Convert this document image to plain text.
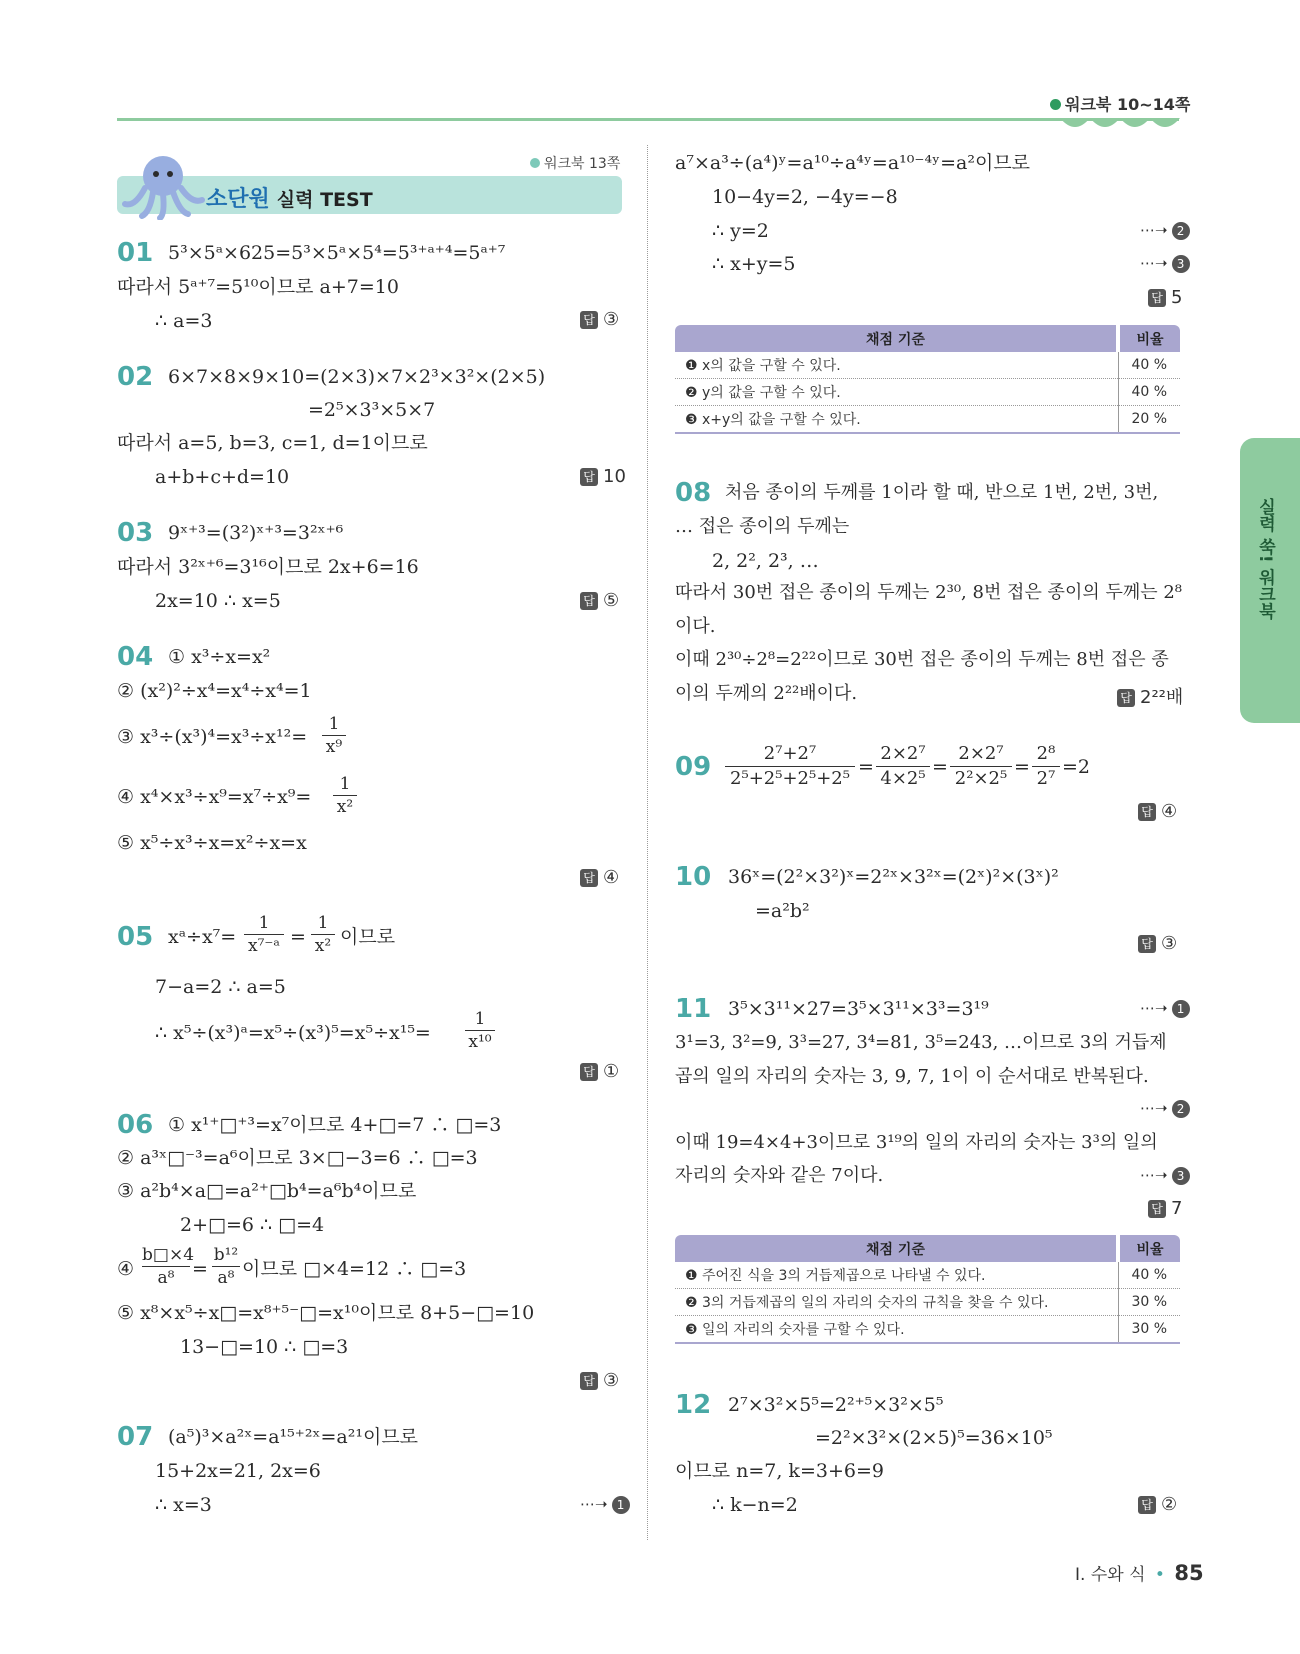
워크북 10~14쪽
소단원 실력 TEST
워크북 13쪽
01 5³×5ᵃ×625=5³×5ᵃ×5⁴=5³⁺ᵃ⁺⁴=5ᵃ⁺⁷
따라서 5ᵃ⁺⁷=5¹⁰이므로 a+7=10
∴ a=3	답 ③
02 6×7×8×9×10=(2×3)×7×2³×3²×(2×5)
=2⁵×3³×5×7
따라서 a=5, b=3, c=1, d=1이므로
a+b+c+d=10	답 10
03 9ˣ⁺³=(3²)ˣ⁺³=3²ˣ⁺⁶
따라서 3²ˣ⁺⁶=3¹⁶이므로 2x+6=16
2x=10 ∴ x=5	답 ⑤
04 ① x³÷x=x²
② (x²)²÷x⁴=x⁴÷x⁴=1
③ x³÷(x³)⁴=x³÷x¹²=
1
x⁹
④ x⁴×x³÷x⁹=x⁷÷x⁹=
1
x²
⑤ x⁵÷x³÷x=x²÷x=x
답 ④
05 xᵃ÷x⁷=
1
x⁷⁻ᵃ =
1
x² 이므로
7−a=2 ∴ a=5
∴ x⁵÷(x³)ᵃ=x⁵÷(x³)⁵=x⁵÷x¹⁵=
1
x¹⁰
답 ①
06 ① x¹⁺□⁺³=x⁷이므로 4+□=7 ∴ □=3
② a³ˣ□⁻³=a⁶이므로 3×□−3=6 ∴ □=3
③ a²b⁴×a□=a²⁺□b⁴=a⁶b⁴이므로
2+□=6 ∴ □=4
④
b□×4
a⁸ =
b¹²
a⁸ 이므로 □×4=12 ∴ □=3
⑤ x⁸×x⁵÷x□=x⁸⁺⁵⁻□=x¹⁰이므로 8+5−□=10
13−□=10 ∴ □=3
답 ③
07 (a⁵)³×a²ˣ=a¹⁵⁺²ˣ=a²¹이므로
15+2x=21, 2x=6
∴ x=3	⋯➝ 1
a⁷×a³÷(a⁴)ʸ=a¹⁰÷a⁴ʸ=a¹⁰⁻⁴ʸ=a²이므로
10−4y=2, −4y=−8
∴ y=2	⋯➝ 2
∴ x+y=5	⋯➝ 3
답 5
채점 기준	비율
❶ x의 값을 구할 수 있다.	40 %
❷ y의 값을 구할 수 있다.	40 %
❸ x+y의 값을 구할 수 있다.	20 %
08 처음 종이의 두께를 1이라 할 때, 반으로 1번, 2번, 3번,
… 접은 종이의 두께는
2, 2², 2³, …
따라서 30번 접은 종이의 두께는 2³⁰, 8번 접은 종이의 두께는 2⁸
이다.
이때 2³⁰÷2⁸=2²²이므로 30번 접은 종이의 두께는 8번 접은 종
이의 두께의 2²²배이다.	답 2²²배
09	2⁷+2⁷
2⁵+2⁵+2⁵+2⁵
=
2×2⁷
4×2⁵
=
2×2⁷
2²×2⁵
=
2⁸
2⁷
=2
답 ④
10 36ˣ=(2²×3²)ˣ=2²ˣ×3²ˣ=(2ˣ)²×(3ˣ)²
=a²b²
답 ③
11 3⁵×3¹¹×27=3⁵×3¹¹×3³=3¹⁹	⋯➝ 1
3¹=3, 3²=9, 3³=27, 3⁴=81, 3⁵=243, …이므로 3의 거듭제
곱의 일의 자리의 숫자는 3, 9, 7, 1이 이 순서대로 반복된다.
⋯➝ 2
이때 19=4×4+3이므로 3¹⁹의 일의 자리의 숫자는 3³의 일의
자리의 숫자와 같은 7이다.	⋯➝ 3
답 7
채점 기준	비율
❶ 주어진 식을 3의 거듭제곱으로 나타낼 수 있다.	40 %
❷ 3의 거듭제곱의 일의 자리의 숫자의 규칙을 찾을 수 있다.	30 %
❸ 일의 자리의 숫자를 구할 수 있다.	30 %
12 2⁷×3²×5⁵=2²⁺⁵×3²×5⁵
=2²×3²×(2×5)⁵=36×10⁵
이므로 n=7, k=3+6=9
∴ k−n=2	답 ②
실력 쑥! 워크북
Ⅰ. 수와 식 • 85
